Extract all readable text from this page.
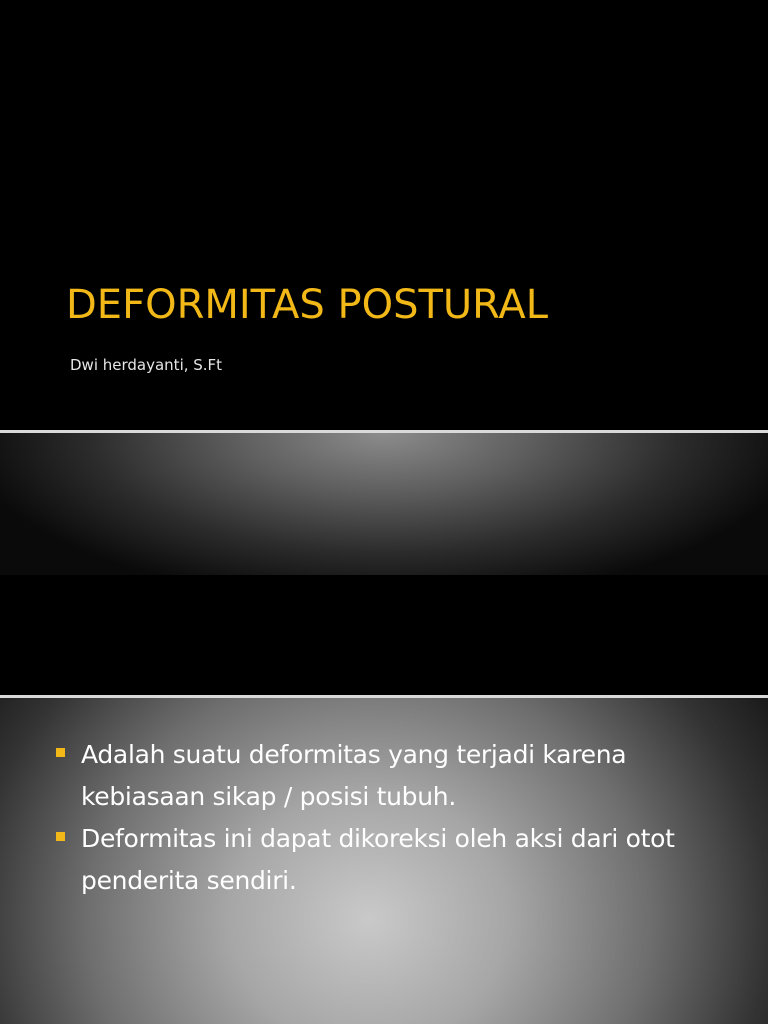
DEFORMITAS POSTURAL
Dwi herdayanti, S.Ft
Adalah suatu deformitas yang terjadi karena kebiasaan sikap / posisi tubuh.
Deformitas ini dapat dikoreksi oleh aksi dari otot penderita sendiri.
